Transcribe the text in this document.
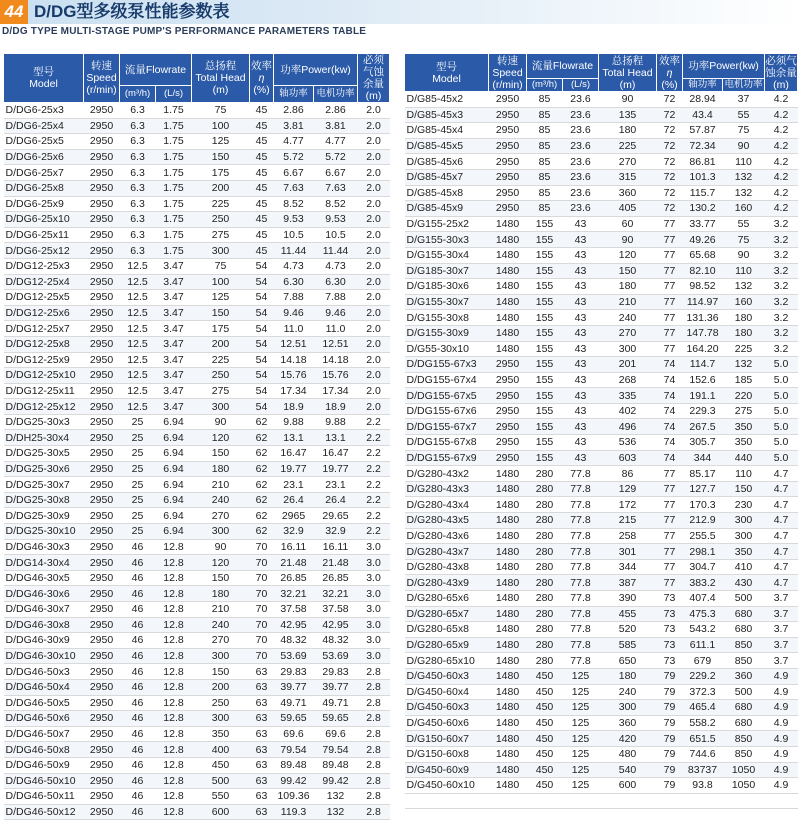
44 D/DG型多级泵性能参数表
D/DG TYPE MULTI-STAGE PUMP'S PERFORMANCE PARAMETERS TABLE
型号
Model	转速
Speed
(r/min)	流量Flowrate		总扬程
Total Head
(m)	效率
η
(%)	功率Power(kw)		必须气蚀余量
(m)
		(m³/h)	(L/s)			轴功率	电机功率	
D/DG6-25x3	2950	6.3	1.75	75	45	2.86	2.86	2.0
D/DG6-25x4	2950	6.3	1.75	100	45	3.81	3.81	2.0
D/DG6-25x5	2950	6.3	1.75	125	45	4.77	4.77	2.0
D/DG6-25x6	2950	6.3	1.75	150	45	5.72	5.72	2.0
D/DG6-25x7	2950	6.3	1.75	175	45	6.67	6.67	2.0
D/DG6-25x8	2950	6.3	1.75	200	45	7.63	7.63	2.0
D/DG6-25x9	2950	6.3	1.75	225	45	8.52	8.52	2.0
D/DG6-25x10	2950	6.3	1.75	250	45	9.53	9.53	2.0
D/DG6-25x11	2950	6.3	1.75	275	45	10.5	10.5	2.0
D/DG6-25x12	2950	6.3	1.75	300	45	11.44	11.44	2.0
D/DG12-25x3	2950	12.5	3.47	75	54	4.73	4.73	2.0
D/DG12-25x4	2950	12.5	3.47	100	54	6.30	6.30	2.0
D/DG12-25x5	2950	12.5	3.47	125	54	7.88	7.88	2.0
D/DG12-25x6	2950	12.5	3.47	150	54	9.46	9.46	2.0
D/DG12-25x7	2950	12.5	3.47	175	54	11.0	11.0	2.0
D/DG12-25x8	2950	12.5	3.47	200	54	12.51	12.51	2.0
D/DG12-25x9	2950	12.5	3.47	225	54	14.18	14.18	2.0
D/DG12-25x10	2950	12.5	3.47	250	54	15.76	15.76	2.0
D/DG12-25x11	2950	12.5	3.47	275	54	17.34	17.34	2.0
D/DG12-25x12	2950	12.5	3.47	300	54	18.9	18.9	2.0
D/DG25-30x3	2950	25	6.94	90	62	9.88	9.88	2.2
D/DH25-30x4	2950	25	6.94	120	62	13.1	13.1	2.2
D/DG25-30x5	2950	25	6.94	150	62	16.47	16.47	2.2
D/DG25-30x6	2950	25	6.94	180	62	19.77	19.77	2.2
D/DG25-30x7	2950	25	6.94	210	62	23.1	23.1	2.2
D/DG25-30x8	2950	25	6.94	240	62	26.4	26.4	2.2
D/DG25-30x9	2950	25	6.94	270	62	2965	29.65	2.2
D/DG25-30x10	2950	25	6.94	300	62	32.9	32.9	2.2
D/DG46-30x3	2950	46	12.8	90	70	16.11	16.11	3.0
D/DG14-30x4	2950	46	12.8	120	70	21.48	21.48	3.0
D/DG46-30x5	2950	46	12.8	150	70	26.85	26.85	3.0
D/DG46-30x6	2950	46	12.8	180	70	32.21	32.21	3.0
D/DG46-30x7	2950	46	12.8	210	70	37.58	37.58	3.0
D/DG46-30x8	2950	46	12.8	240	70	42.95	42.95	3.0
D/DG46-30x9	2950	46	12.8	270	70	48.32	48.32	3.0
D/DG46-30x10	2950	46	12.8	300	70	53.69	53.69	3.0
D/DG46-50x3	2950	46	12.8	150	63	29.83	29.83	2.8
D/DG46-50x4	2950	46	12.8	200	63	39.77	39.77	2.8
D/DG46-50x5	2950	46	12.8	250	63	49.71	49.71	2.8
D/DG46-50x6	2950	46	12.8	300	63	59.65	59.65	2.8
D/DG46-50x7	2950	46	12.8	350	63	69.6	69.6	2.8
D/DG46-50x8	2950	46	12.8	400	63	79.54	79.54	2.8
D/DG46-50x9	2950	46	12.8	450	63	89.48	89.48	2.8
D/DG46-50x10	2950	46	12.8	500	63	99.42	99.42	2.8
D/DG46-50x11	2950	46	12.8	550	63	109.36	132	2.8
D/DG46-50x12	2950	46	12.8	600	63	119.3	132	2.8
型号
Model	转速
Speed
(r/min)	流量Flowrate		总扬程
Total Head
(m)	效率
η
(%)	功率Power(kw)		必须气蚀余量
(m)
		(m³/h)	(L/s)			轴功率	电机功率	
D/G85-45x2	2950	85	23.6	90	72	28.94	37	4.2
D/G85-45x3	2950	85	23.6	135	72	43.4	55	4.2
D/G85-45x4	2950	85	23.6	180	72	57.87	75	4.2
D/G85-45x5	2950	85	23.6	225	72	72.34	90	4.2
D/G85-45x6	2950	85	23.6	270	72	86.81	110	4.2
D/G85-45x7	2950	85	23.6	315	72	101.3	132	4.2
D/G85-45x8	2950	85	23.6	360	72	115.7	132	4.2
D/G85-45x9	2950	85	23.6	405	72	130.2	160	4.2
D/G155-25x2	1480	155	43	60	77	33.77	55	3.2
D/G155-30x3	1480	155	43	90	77	49.26	75	3.2
D/G155-30x4	1480	155	43	120	77	65.68	90	3.2
D/G185-30x7	1480	155	43	150	77	82.10	110	3.2
D/G185-30x6	1480	155	43	180	77	98.52	132	3.2
D/G155-30x7	1480	155	43	210	77	114.97	160	3.2
D/G155-30x8	1480	155	43	240	77	131.36	180	3.2
D/G155-30x9	1480	155	43	270	77	147.78	180	3.2
D/G55-30x10	1480	155	43	300	77	164.20	225	3.2
D/DG155-67x3	2950	155	43	201	74	114.7	132	5.0
D/DG155-67x4	2950	155	43	268	74	152.6	185	5.0
D/DG155-67x5	2950	155	43	335	74	191.1	220	5.0
D/DG155-67x6	2950	155	43	402	74	229.3	275	5.0
D/DG155-67x7	2950	155	43	496	74	267.5	350	5.0
D/DG155-67x8	2950	155	43	536	74	305.7	350	5.0
D/DG155-67x9	2950	155	43	603	74	344	440	5.0
D/G280-43x2	1480	280	77.8	86	77	85.17	110	4.7
D/G280-43x3	1480	280	77.8	129	77	127.7	150	4.7
D/G280-43x4	1480	280	77.8	172	77	170.3	230	4.7
D/G280-43x5	1480	280	77.8	215	77	212.9	300	4.7
D/G280-43x6	1480	280	77.8	258	77	255.5	300	4.7
D/G280-43x7	1480	280	77.8	301	77	298.1	350	4.7
D/G280-43x8	1480	280	77.8	344	77	304.7	410	4.7
D/G280-43x9	1480	280	77.8	387	77	383.2	430	4.7
D/G280-65x6	1480	280	77.8	390	73	407.4	500	3.7
D/G280-65x7	1480	280	77.8	455	73	475.3	680	3.7
D/G280-65x8	1480	280	77.8	520	73	543.2	680	3.7
D/G280-65x9	1480	280	77.8	585	73	611.1	850	3.7
D/G280-65x10	1480	280	77.8	650	73	679	850	3.7
D/G450-60x3	1480	450	125	180	79	229.2	360	4.9
D/G450-60x4	1480	450	125	240	79	372.3	500	4.9
D/G450-60x3	1480	450	125	300	79	465.4	680	4.9
D/G450-60x6	1480	450	125	360	79	558.2	680	4.9
D/G150-60x7	1480	450	125	420	79	651.5	850	4.9
D/G150-60x8	1480	450	125	480	79	744.6	850	4.9
D/G450-60x9	1480	450	125	540	79	83737	1050	4.9
D/G450-60x10	1480	450	125	600	79	93.8	1050	4.9
